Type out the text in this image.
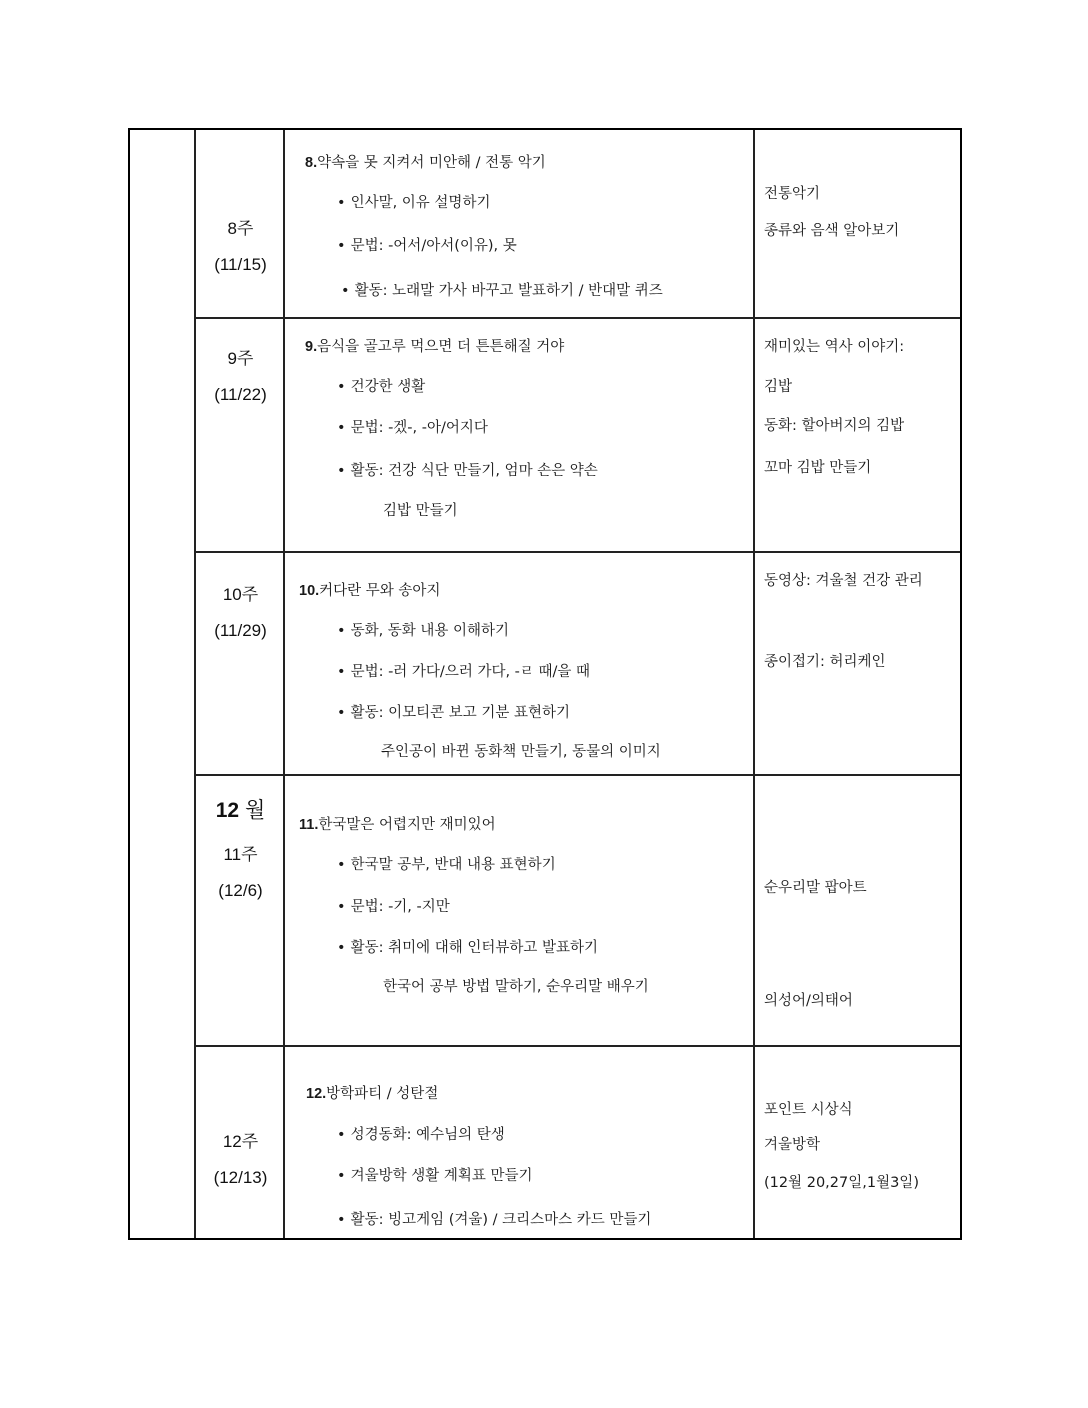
8주
(11/15)
8.약속을 못 지켜서 미안해 / 전통 악기
• 인사말, 이유 설명하기
• 문법: -어서/아서(이유), 못
• 활동: 노래말 가사 바꾸고 발표하기 / 반대말 퀴즈
전통악기
종류와 음색 알아보기
9주
(11/22)
9.음식을 골고루 먹으면 더 튼튼해질 거야
• 건강한 생활
• 문법: -겠-, -아/어지다
• 활동: 건강 식단 만들기, 엄마 손은 약손
김밥 만들기
재미있는 역사 이야기:
김밥
동화: 할아버지의 김밥
꼬마 김밥 만들기
10주
(11/29)
10.커다란 무와 송아지
• 동화, 동화 내용 이해하기
• 문법: -러 가다/으러 가다, -ㄹ 때/을 때
• 활동: 이모티콘 보고 기분 표현하기
주인공이 바뀐 동화책 만들기, 동물의 이미지
동영상: 겨울철 건강 관리
종이접기: 허리케인
12 월
11주
(12/6)
11.한국말은 어렵지만 재미있어
• 한국말 공부, 반대 내용 표현하기
• 문법: -기, -지만
• 활동: 취미에 대해 인터뷰하고 발표하기
한국어 공부 방법 말하기, 순우리말 배우기
순우리말 팝아트
의성어/의태어
12주
(12/13)
12.방학파티 / 성탄절
• 성경동화: 예수님의 탄생
• 겨울방학 생활 계획표 만들기
• 활동: 빙고게임 (겨울) / 크리스마스 카드 만들기
포인트 시상식
겨울방학
(12월 20,27일,1월3일)
